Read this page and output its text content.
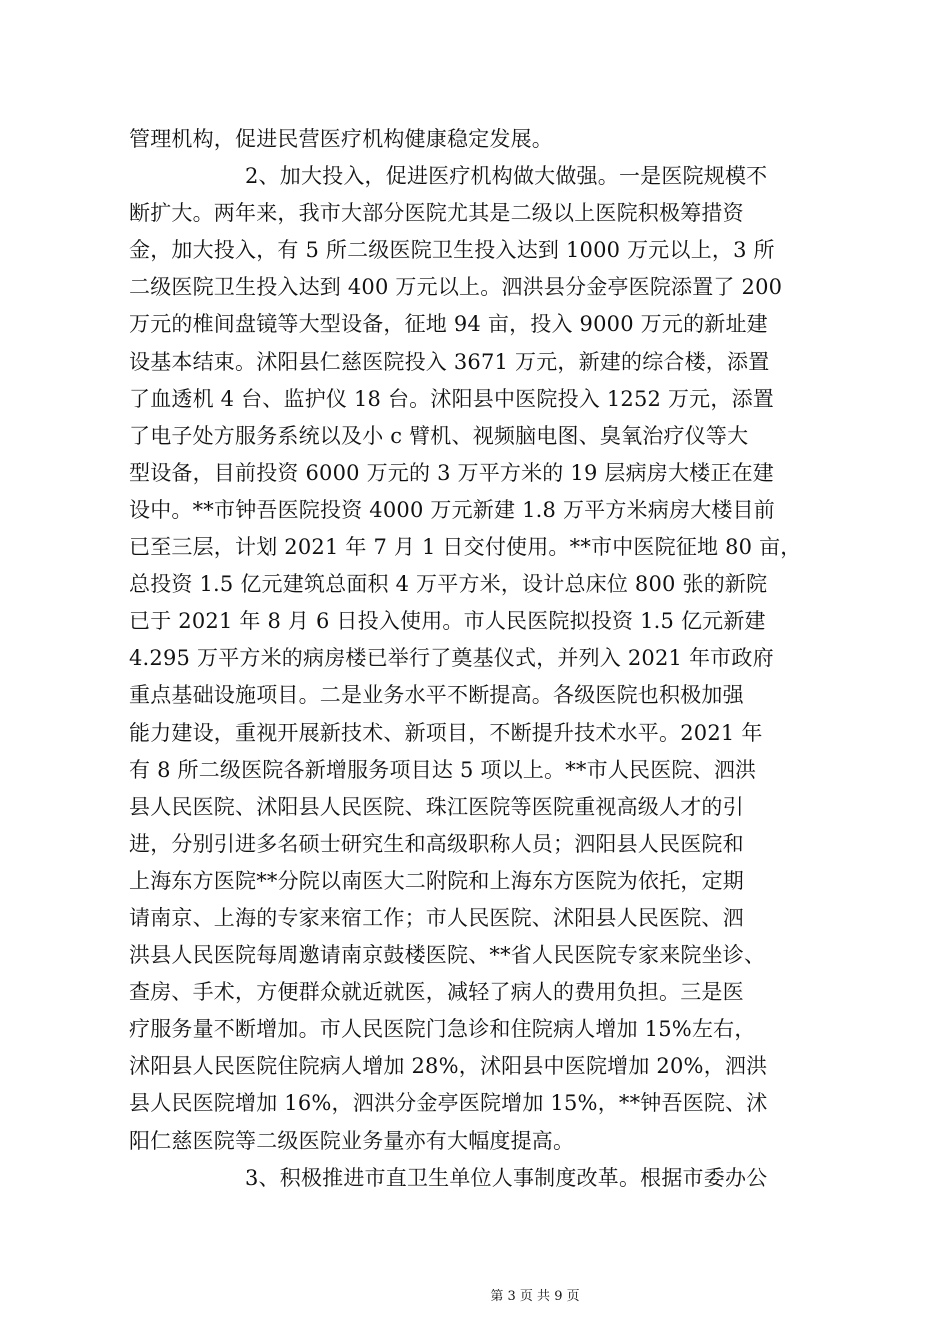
管理机构，促进民营医疗机构健康稳定发展。
2、加大投入，促进医疗机构做大做强。一是医院规模不
断扩大。两年来，我市大部分医院尤其是二级以上医院积极筹措资
金，加大投入，有 5 所二级医院卫生投入达到 1000 万元以上，3 所
二级医院卫生投入达到 400 万元以上。泗洪县分金亭医院添置了 200
万元的椎间盘镜等大型设备，征地 94 亩，投入 9000 万元的新址建
设基本结束。沭阳县仁慈医院投入 3671 万元，新建的综合楼，添置
了血透机 4 台、监护仪 18 台。沭阳县中医院投入 1252 万元，添置
了电子处方服务系统以及小 c 臂机、视频脑电图、臭氧治疗仪等大
型设备，目前投资 6000 万元的 3 万平方米的 19 层病房大楼正在建
设中。**市钟吾医院投资 4000 万元新建 1.8 万平方米病房大楼目前
已至三层，计划 2021 年 7 月 1 日交付使用。**市中医院征地 80 亩，
总投资 1.5 亿元建筑总面积 4 万平方米，设计总床位 800 张的新院
已于 2021 年 8 月 6 日投入使用。市人民医院拟投资 1.5 亿元新建
4.295 万平方米的病房楼已举行了奠基仪式，并列入 2021 年市政府
重点基础设施项目。二是业务水平不断提高。各级医院也积极加强
能力建设，重视开展新技术、新项目，不断提升技术水平。2021 年
有 8 所二级医院各新增服务项目达 5 项以上。**市人民医院、泗洪
县人民医院、沭阳县人民医院、珠江医院等医院重视高级人才的引
进，分别引进多名硕士研究生和高级职称人员；泗阳县人民医院和
上海东方医院**分院以南医大二附院和上海东方医院为依托，定期
请南京、上海的专家来宿工作；市人民医院、沭阳县人民医院、泗
洪县人民医院每周邀请南京鼓楼医院、**省人民医院专家来院坐诊、
查房、手术，方便群众就近就医，减轻了病人的费用负担。三是医
疗服务量不断增加。市人民医院门急诊和住院病人增加 15%左右，
沭阳县人民医院住院病人增加 28%，沭阳县中医院增加 20%，泗洪
县人民医院增加 16%，泗洪分金亭医院增加 15%，**钟吾医院、沭
阳仁慈医院等二级医院业务量亦有大幅度提高。
3、积极推进市直卫生单位人事制度改革。根据市委办公
第 3 页 共 9 页
